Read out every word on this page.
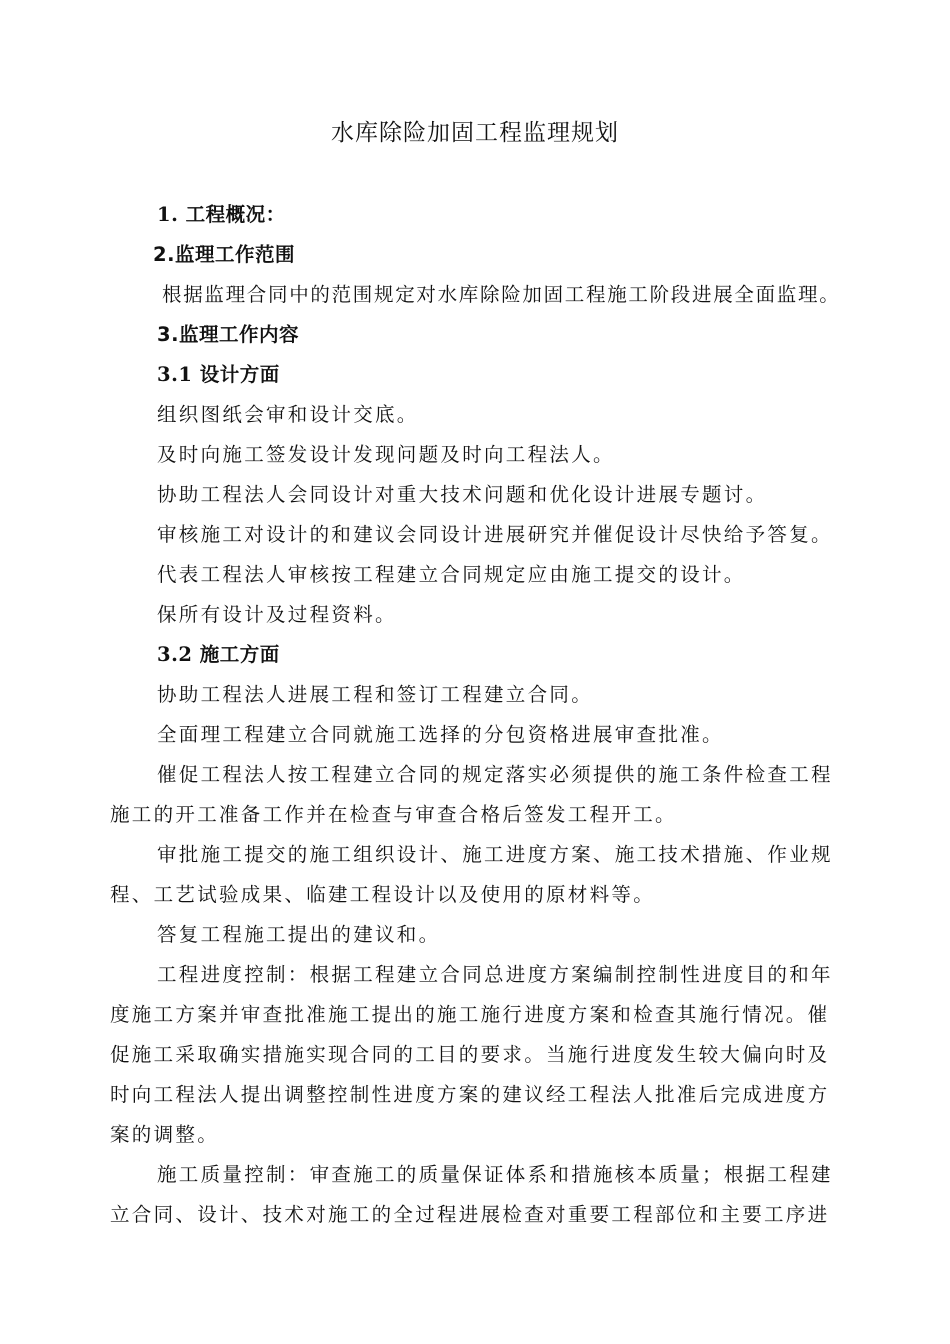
水库除险加固工程监理规划
1. 工程概况：
2.监理工作范围
根据监理合同中的范围规定对水库除险加固工程施工阶段进展全面监理。
3.监理工作内容
3.1 设计方面
组织图纸会审和设计交底。
及时向施工签发设计发现问题及时向工程法人。
协助工程法人会同设计对重大技术问题和优化设计进展专题讨。
审核施工对设计的和建议会同设计进展研究并催促设计尽快给予答复。
代表工程法人审核按工程建立合同规定应由施工提交的设计。
保所有设计及过程资料。
3.2 施工方面
协助工程法人进展工程和签订工程建立合同。
全面理工程建立合同就施工选择的分包资格进展审查批准。
催促工程法人按工程建立合同的规定落实必须提供的施工条件检查工程
施工的开工准备工作并在检查与审查合格后签发工程开工。
审批施工提交的施工组织设计、施工进度方案、施工技术措施、作业规
程、工艺试验成果、临建工程设计以及使用的原材料等。
答复工程施工提出的建议和。
工程进度控制：根据工程建立合同总进度方案编制控制性进度目的和年
度施工方案并审查批准施工提出的施工施行进度方案和检查其施行情况。催
促施工采取确实措施实现合同的工目的要求。当施行进度发生较大偏向时及
时向工程法人提出调整控制性进度方案的建议经工程法人批准后完成进度方
案的调整。
施工质量控制：审查施工的质量保证体系和措施核本质量；根据工程建
立合同、设计、技术对施工的全过程进展检查对重要工程部位和主要工序进
